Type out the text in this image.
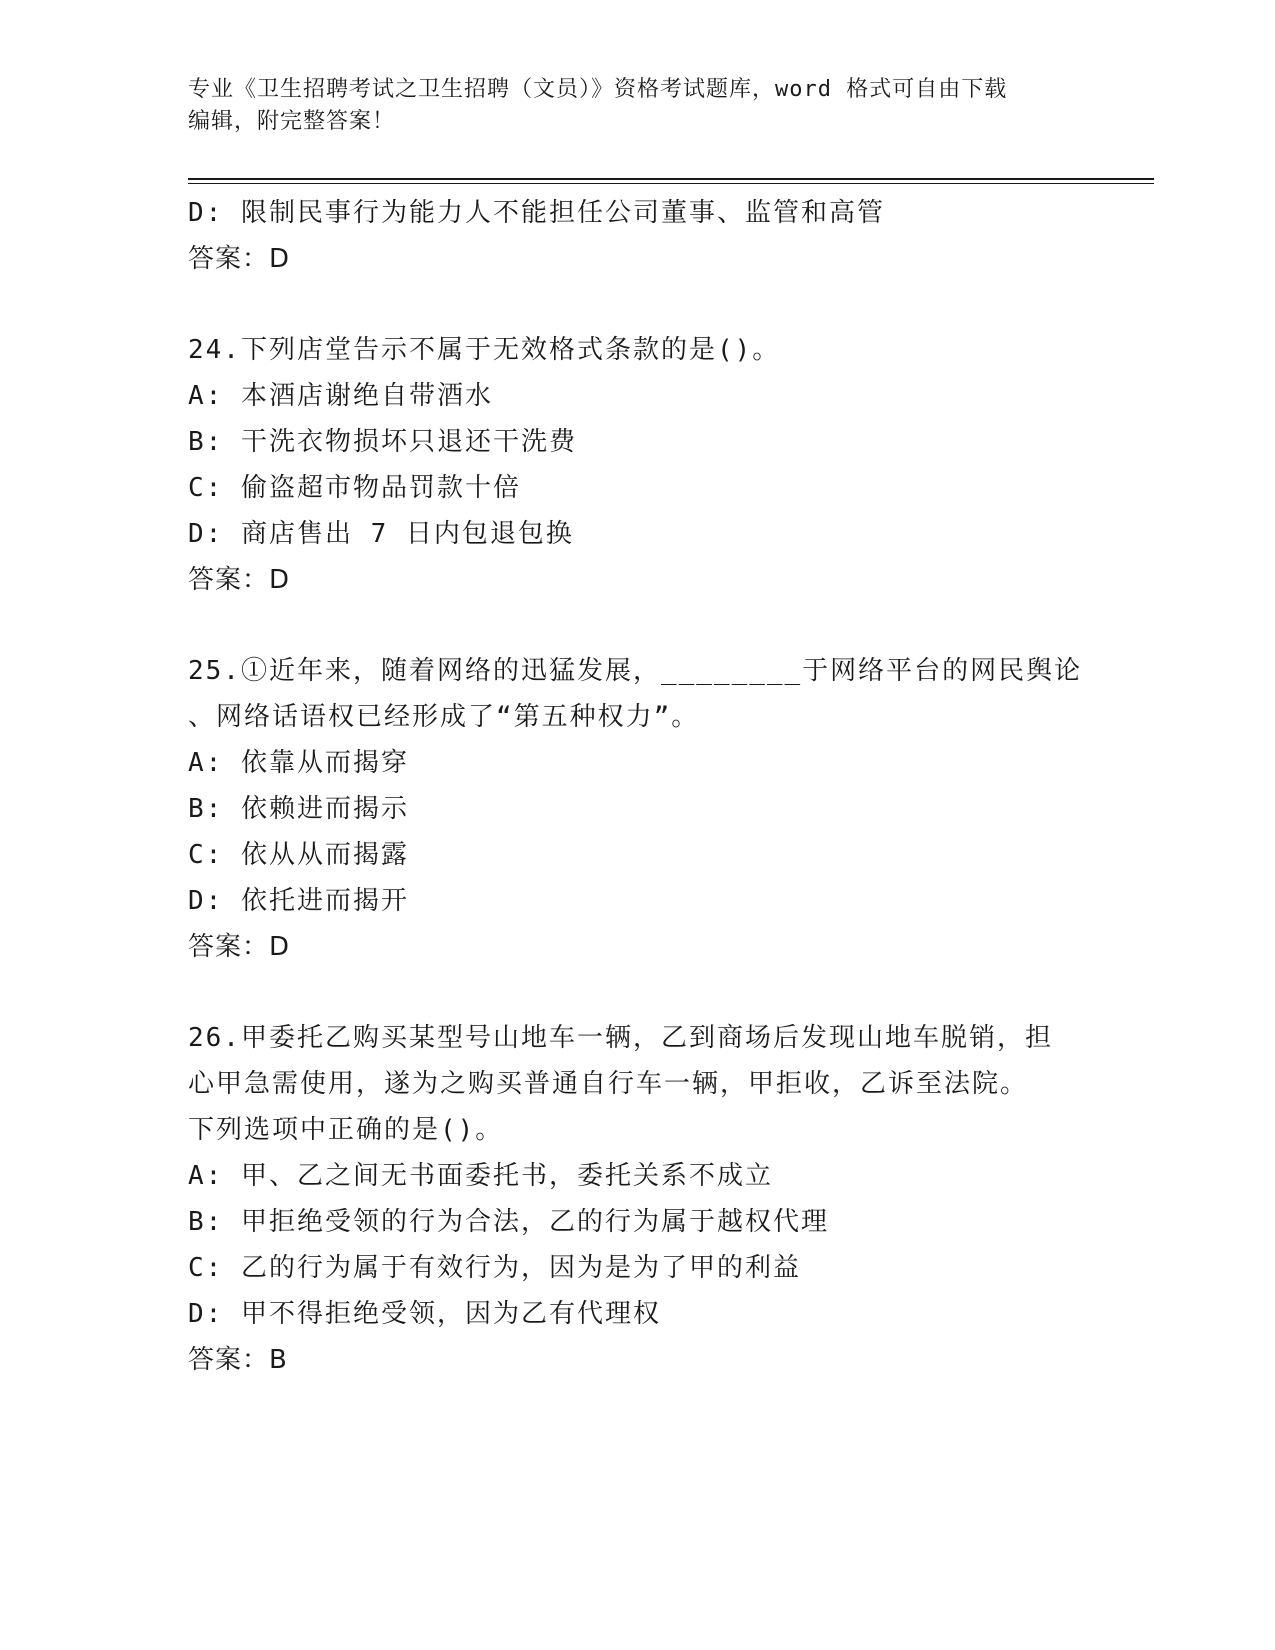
专业《卫生招聘考试之卫生招聘（文员）》资格考试题库，word 格式可自由下载
编辑，附完整答案！
D: 限制民事行为能力人不能担任公司董事、监管和高管
答案：D
24.下列店堂告示不属于无效格式条款的是()。
A: 本酒店谢绝自带酒水
B: 干洗衣物损坏只退还干洗费
C: 偷盗超市物品罚款十倍
D: 商店售出 7 日内包退包换
答案：D
25.①近年来，随着网络的迅猛发展，________于网络平台的网民舆论
、网络话语权已经形成了“第五种权力”。
A: 依靠从而揭穿
B: 依赖进而揭示
C: 依从从而揭露
D: 依托进而揭开
答案：D
26.甲委托乙购买某型号山地车一辆，乙到商场后发现山地车脱销，担
心甲急需使用，遂为之购买普通自行车一辆，甲拒收，乙诉至法院。
下列选项中正确的是()。
A: 甲、乙之间无书面委托书，委托关系不成立
B: 甲拒绝受领的行为合法，乙的行为属于越权代理
C: 乙的行为属于有效行为，因为是为了甲的利益
D: 甲不得拒绝受领，因为乙有代理权
答案：B
